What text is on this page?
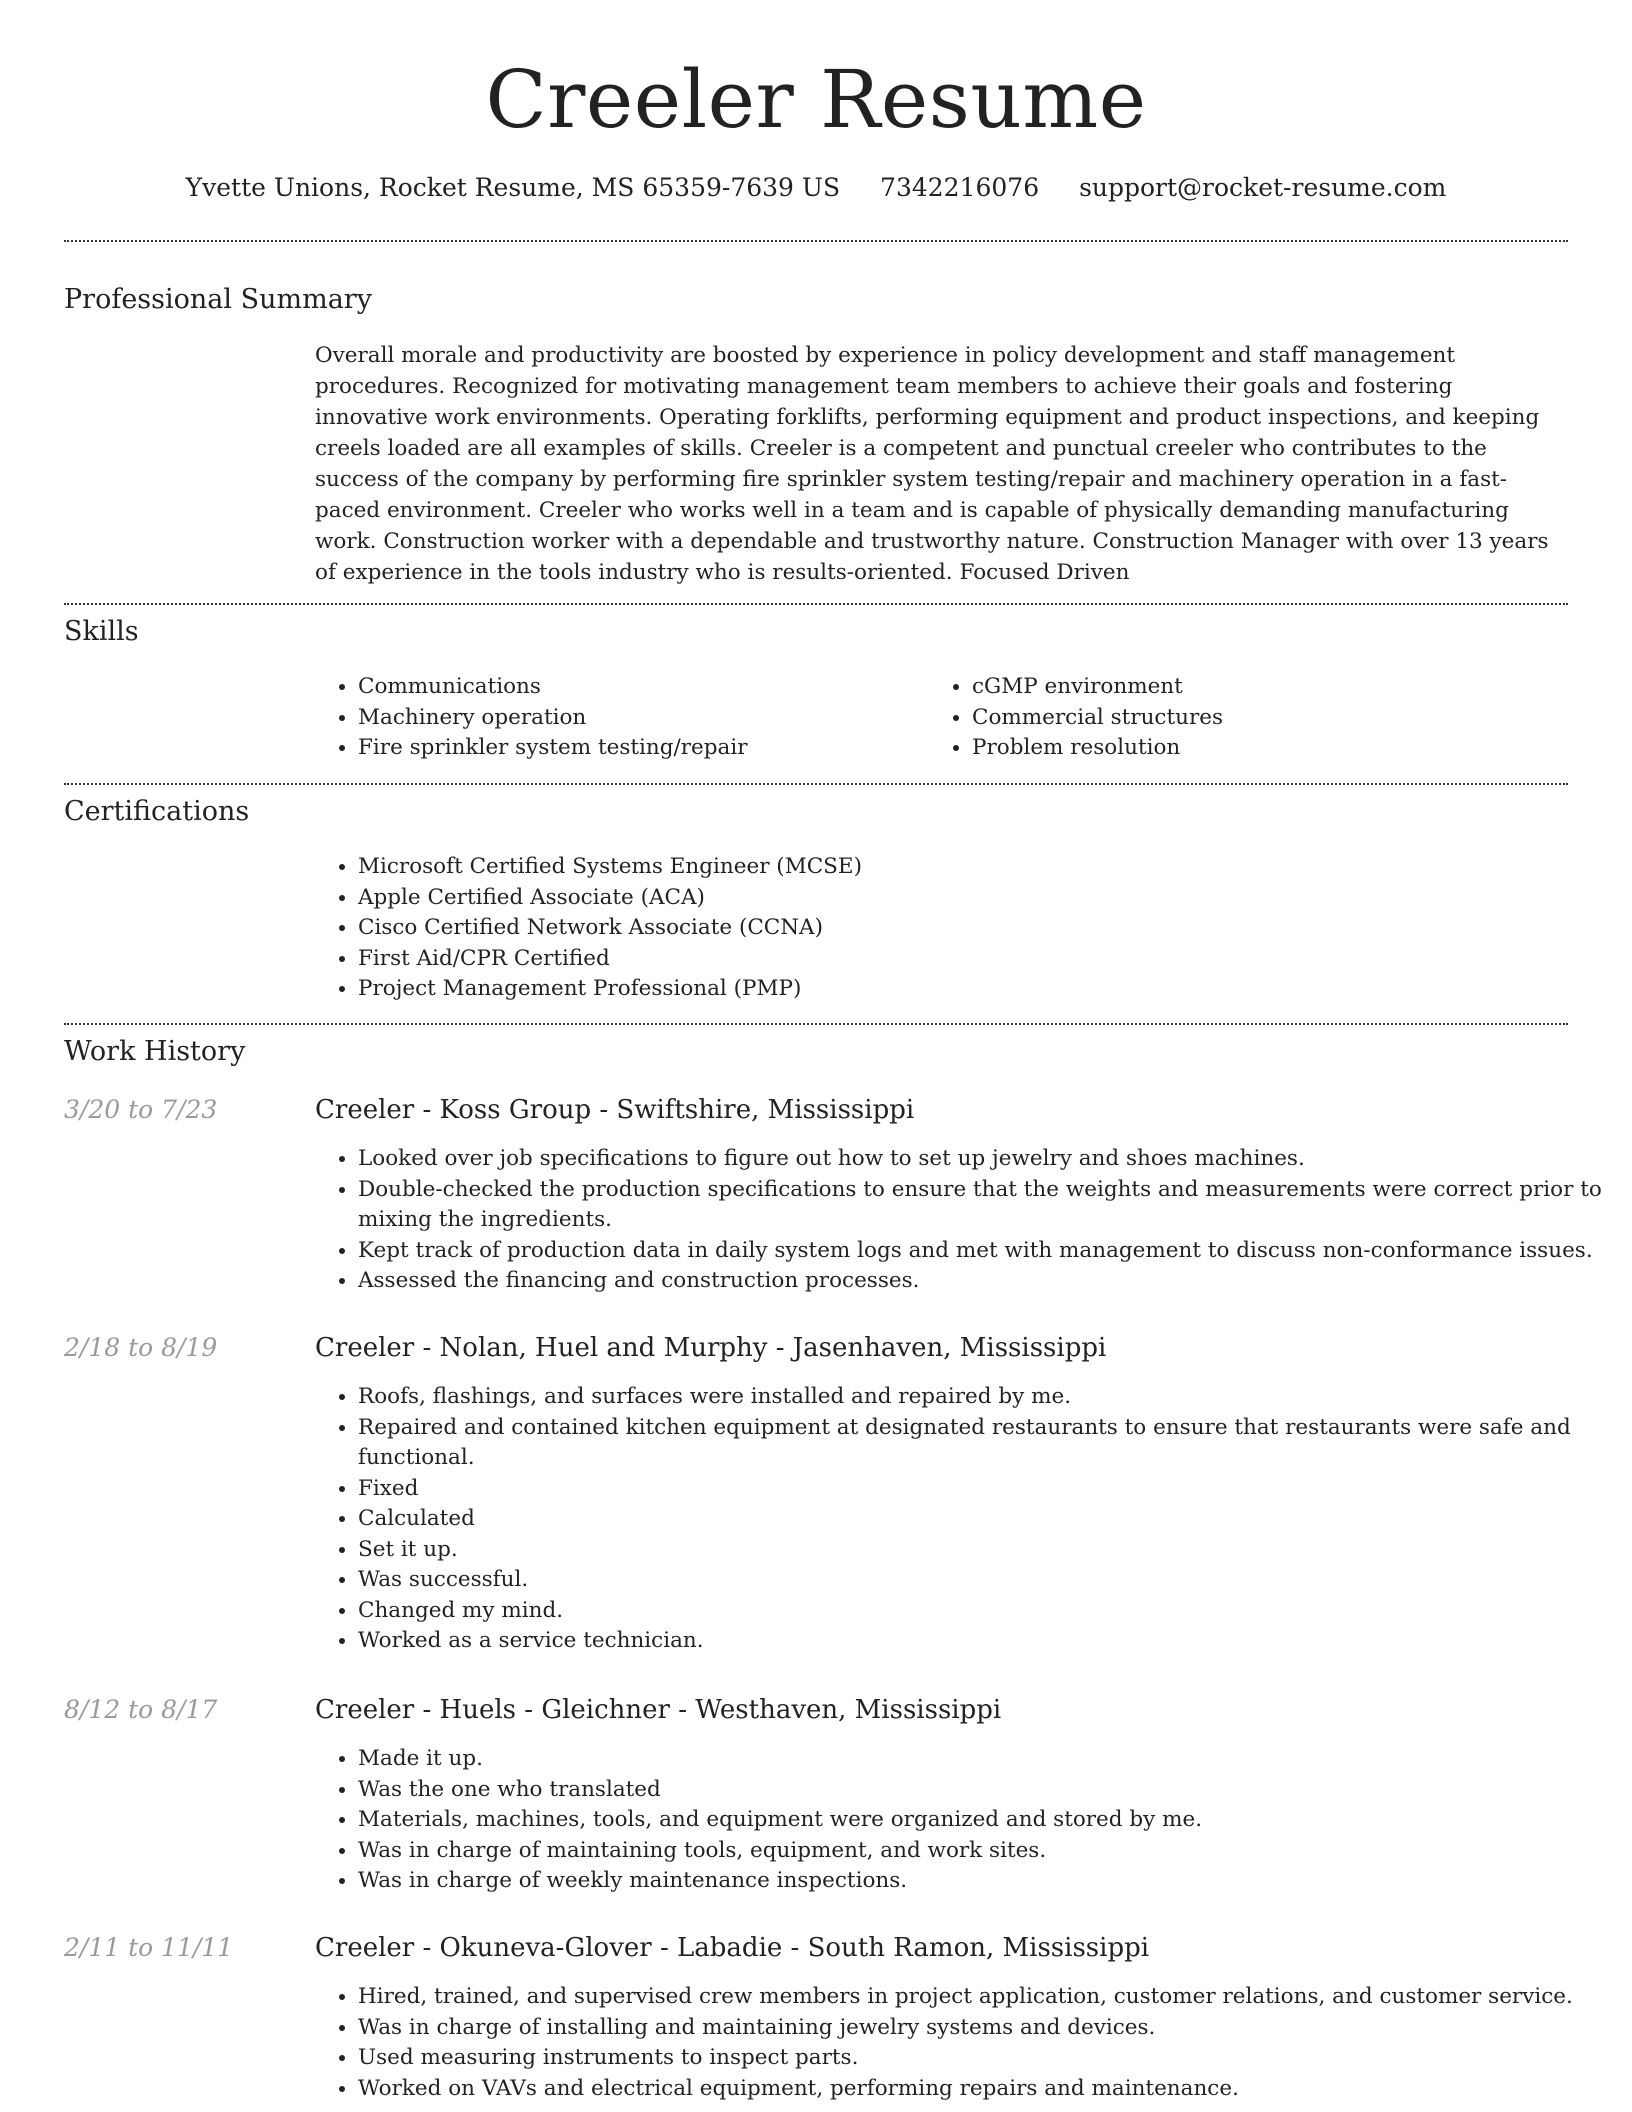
Creeler Resume
Yvette Unions, Rocket Resume, MS 65359-7639 US 7342216076 support@rocket-resume.com
Professional Summary
Overall morale and productivity are boosted by experience in policy development and staff management procedures. Recognized for motivating management team members to achieve their goals and fostering innovative work environments. Operating forklifts, performing equipment and product inspections, and keeping creels loaded are all examples of skills. Creeler is a competent and punctual creeler who contributes to the success of the company by performing fire sprinkler system testing/repair and machinery operation in a fast-paced environment. Creeler who works well in a team and is capable of physically demanding manufacturing work. Construction worker with a dependable and trustworthy nature. Construction Manager with over 13 years of experience in the tools industry who is results-oriented. Focused Driven
Skills
• Communications
• Machinery operation
• Fire sprinkler system testing/repair
• cGMP environment
• Commercial structures
• Problem resolution
Certifications
• Microsoft Certified Systems Engineer (MCSE)
• Apple Certified Associate (ACA)
• Cisco Certified Network Associate (CCNA)
• First Aid/CPR Certified
• Project Management Professional (PMP)
Work History
3/20 to 7/23	Creeler - Koss Group - Swiftshire, Mississippi
• Looked over job specifications to figure out how to set up jewelry and shoes machines.
• Double-checked the production specifications to ensure that the weights and measurements were correct prior to mixing the ingredients.
• Kept track of production data in daily system logs and met with management to discuss non-conformance issues.
• Assessed the financing and construction processes.
2/18 to 8/19	Creeler - Nolan, Huel and Murphy - Jasenhaven, Mississippi
• Roofs, flashings, and surfaces were installed and repaired by me.
• Repaired and contained kitchen equipment at designated restaurants to ensure that restaurants were safe and functional.
• Fixed
• Calculated
• Set it up.
• Was successful.
• Changed my mind.
• Worked as a service technician.
8/12 to 8/17	Creeler - Huels - Gleichner - Westhaven, Mississippi
• Made it up.
• Was the one who translated
• Materials, machines, tools, and equipment were organized and stored by me.
• Was in charge of maintaining tools, equipment, and work sites.
• Was in charge of weekly maintenance inspections.
2/11 to 11/11	Creeler - Okuneva-Glover - Labadie - South Ramon, Mississippi
• Hired, trained, and supervised crew members in project application, customer relations, and customer service.
• Was in charge of installing and maintaining jewelry systems and devices.
• Used measuring instruments to inspect parts.
• Worked on VAVs and electrical equipment, performing repairs and maintenance.
